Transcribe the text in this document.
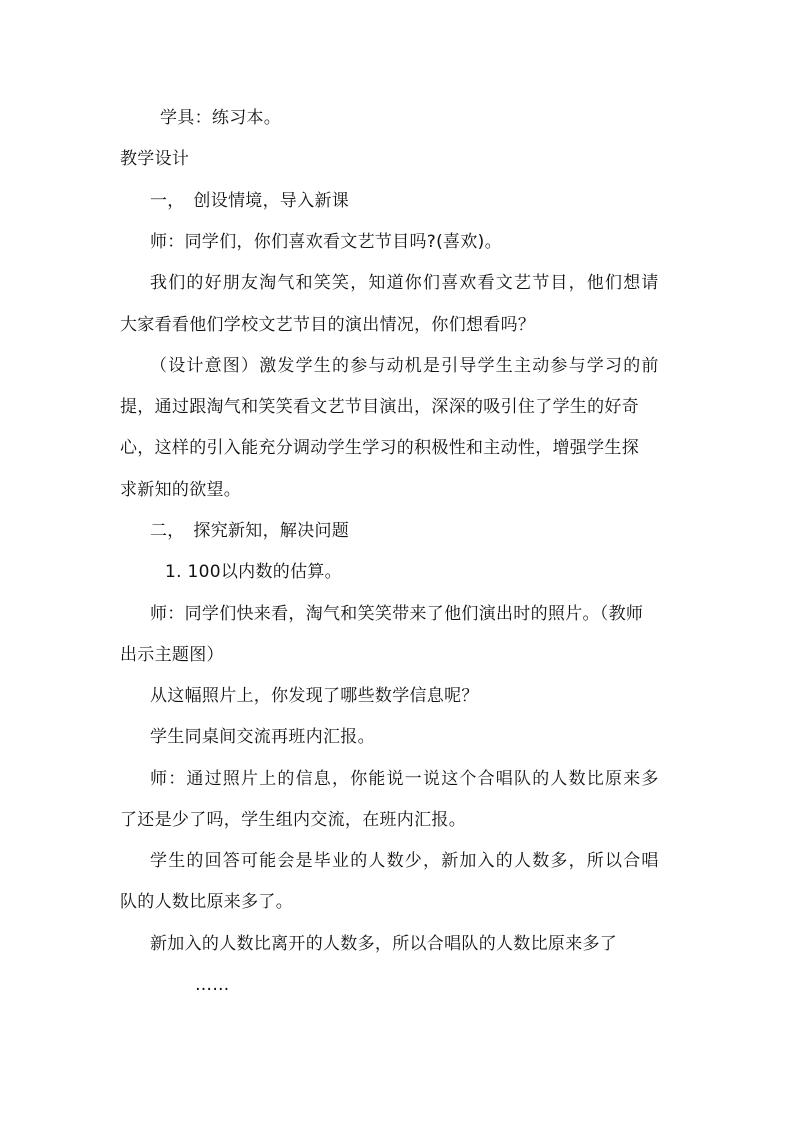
学具：练习本。
教学设计
一，　创设情境，导入新课
师：同学们，你们喜欢看文艺节目吗?(喜欢)。
我们的好朋友淘气和笑笑，知道你们喜欢看文艺节目，他们想请
大家看看他们学校文艺节目的演出情况，你们想看吗？
（设计意图）激发学生的参与动机是引导学生主动参与学习的前
提，通过跟淘气和笑笑看文艺节目演出，深深的吸引住了学生的好奇
心，这样的引入能充分调动学生学习的积极性和主动性，增强学生探
求新知的欲望。
二，　探究新知，解决问题
1. 100以内数的估算。
师：同学们快来看，淘气和笑笑带来了他们演出时的照片。（教师
出示主题图）
从这幅照片上，你发现了哪些数学信息呢？
学生同桌间交流再班内汇报。
师：通过照片上的信息，你能说一说这个合唱队的人数比原来多
了还是少了吗，学生组内交流，在班内汇报。
学生的回答可能会是毕业的人数少，新加入的人数多，所以合唱
队的人数比原来多了。
新加入的人数比离开的人数多，所以合唱队的人数比原来多了
……
